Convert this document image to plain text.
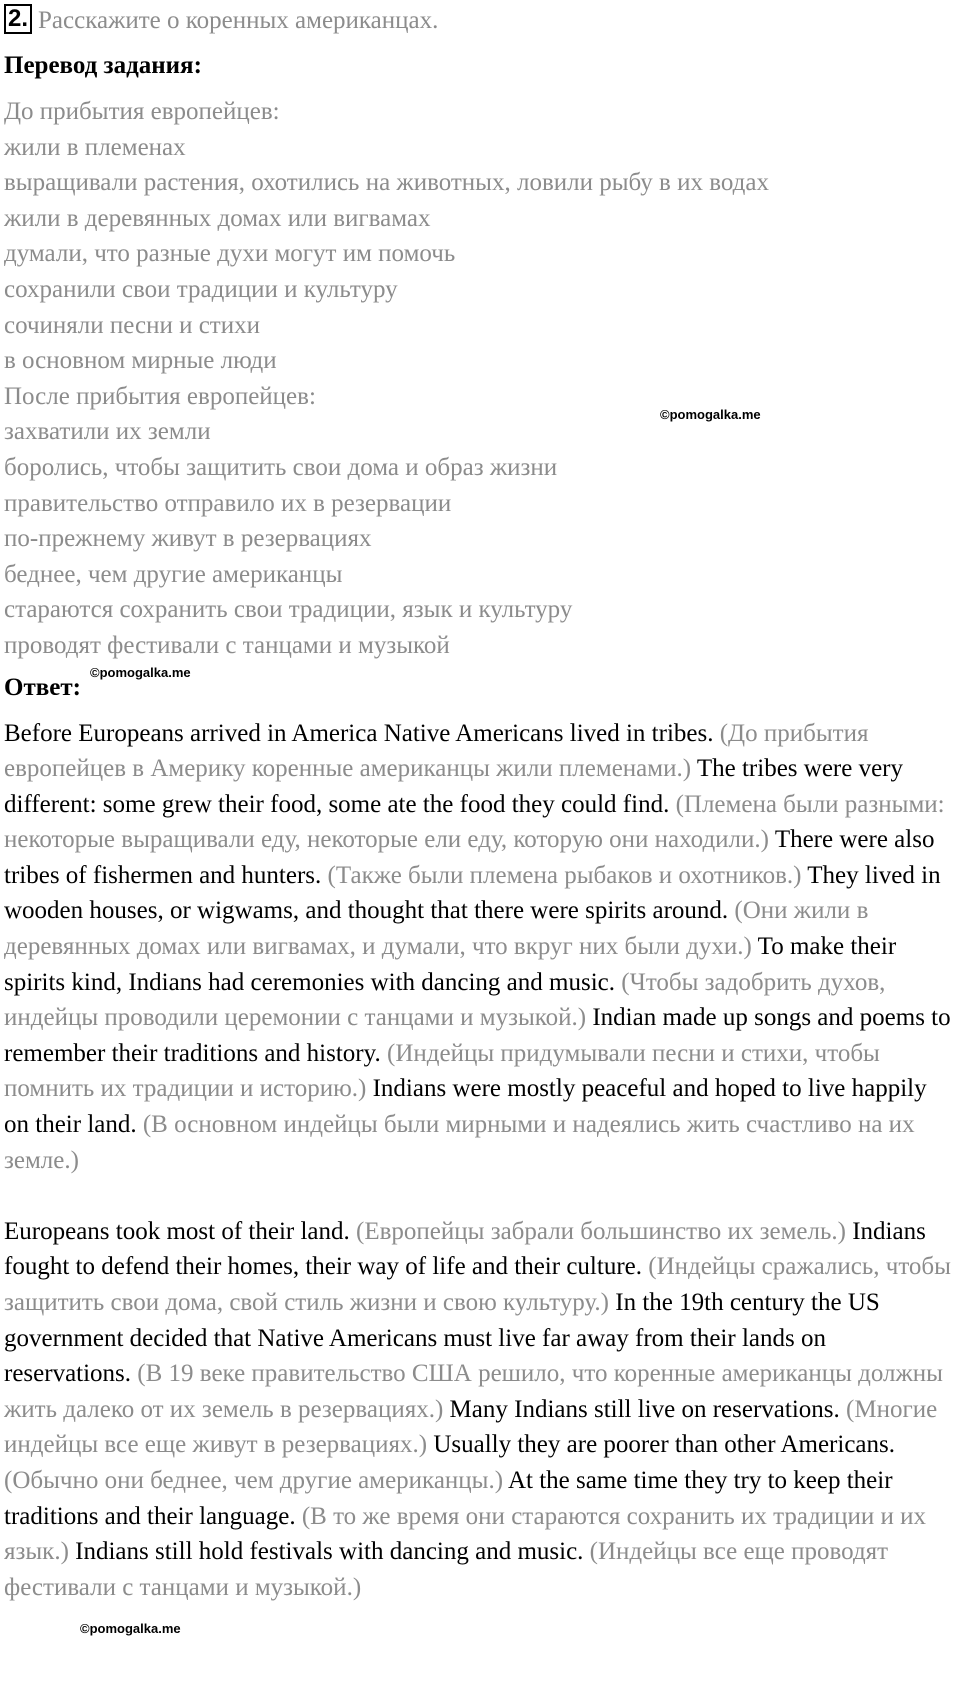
2. Расскажите о коренных американцах.
Перевод задания:
До прибытия европейцев:
жили в племенах
выращивали растения, охотились на животных, ловили рыбу в их водах
жили в деревянных домах или вигвамах
думали, что разные духи могут им помочь
сохранили свои традиции и культуру
сочиняли песни и стихи
в основном мирные люди
После прибытия европейцев:
захватили их земли
боролись, чтобы защитить свои дома и образ жизни
правительство отправило их в резервации
по-прежнему живут в резервациях
беднее, чем другие американцы
стараются сохранить свои традиции, язык и культуру
проводят фестивали с танцами и музыкой
Ответ:

Before Europeans arrived in America Native Americans lived in tribes. (До прибытия европейцев в Америку коренные американцы жили племенами.) The tribes were very different: some grew their food, some ate the food they could find. (Племена были разными: некоторые выращивали еду, некоторые ели еду, которую они находили.) There were also tribes of fishermen and hunters. (Также были племена рыбаков и охотников.) They lived in wooden houses, or wigwams, and thought that there were spirits around. (Они жили в деревянных домах или вигвамах, и думали, что вкруг них были духи.) To make their spirits kind, Indians had ceremonies with dancing and music. (Чтобы задобрить духов, индейцы проводили церемонии с танцами и музыкой.) Indian made up songs and poems to remember their traditions and history. (Индейцы придумывали песни и стихи, чтобы помнить их традиции и историю.) Indians were mostly peaceful and hoped to live happily on their land. (В основном индейцы были мирными и надеялись жить счастливо на их земле.)

Europeans took most of their land. (Европейцы забрали большинство их земель.) Indians fought to defend their homes, their way of life and their culture. (Индейцы сражались, чтобы защитить свои дома, свой стиль жизни и свою культуру.) In the 19th century the US government decided that Native Americans must live far away from their lands on reservations. (В 19 веке правительство США решило, что коренные американцы должны жить далеко от их земель в резервациях.) Many Indians still live on reservations. (Многие индейцы все еще живут в резервациях.) Usually they are poorer than other Americans. (Обычно они беднее, чем другие американцы.) At the same time they try to keep their traditions and their language. (В то же время они стараются сохранить их традиции и их язык.) Indians still hold festivals with dancing and music. (Индейцы все еще проводят фестивали с танцами и музыкой.)

©pomogalka.me
©pomogalka.me
©pomogalka.me
